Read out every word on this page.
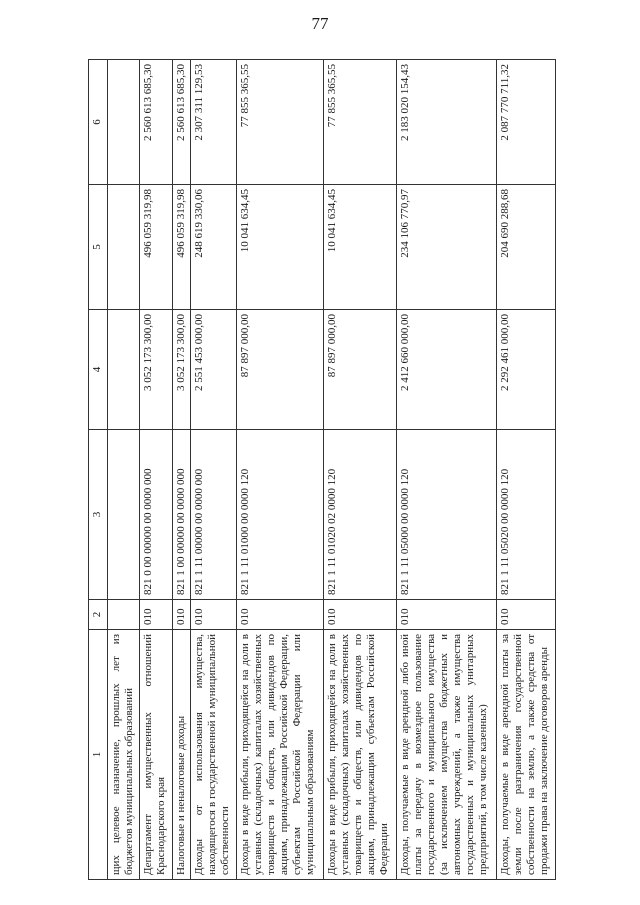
77
1	2	3	4	5	6
щих целевое назначение, прошлых лет из бюджетов муниципальных образований					
Департамент имущественных отношений Краснодарского края	010	821 0 00 00000 00 0000 000	3 052 173 300,00	496 059 319,98	2 560 613 685,30
Налоговые и неналоговые доходы	010	821 1 00 00000 00 0000 000	3 052 173 300,00	496 059 319,98	2 560 613 685,30
Доходы от использования имущества, находящегося в государственной и муниципальной собственности	010	821 1 11 00000 00 0000 000	2 551 453 000,00	248 619 330,06	2 307 311 129,53
Доходы в виде прибыли, приходящейся на доли в уставных (складочных) капиталах хозяйственных товариществ и обществ, или дивидендов по акциям, принадлежащим Российской Федерации, субъектам Российской Федерации или муниципальным образованиям	010	821 1 11 01000 00 0000 120	87 897 000,00	10 041 634,45	77 855 365,55
Доходы в виде прибыли, приходящейся на доли в уставных (складочных) капиталах хозяйственных товариществ и обществ, или дивидендов по акциям, принадлежащим субъектам Российской Федерации	010	821 1 11 01020 02 0000 120	87 897 000,00	10 041 634,45	77 855 365,55
Доходы, получаемые в виде арендной либо иной платы за передачу в возмездное пользование государственного и муниципального имущества (за исключением имущества бюджетных и автономных учреждений, а также имущества государственных и муниципальных унитарных предприятий, в том числе казенных)	010	821 1 11 05000 00 0000 120	2 412 660 000,00	234 106 770,97	2 183 020 154,43
Доходы, получаемые в виде арендной платы за земли после разграничения государственной собственности на землю, а также средства от продажи права на заключение договоров аренды	010	821 1 11 05020 00 0000 120	2 292 461 000,00	204 690 288,68	2 087 770 711,32
